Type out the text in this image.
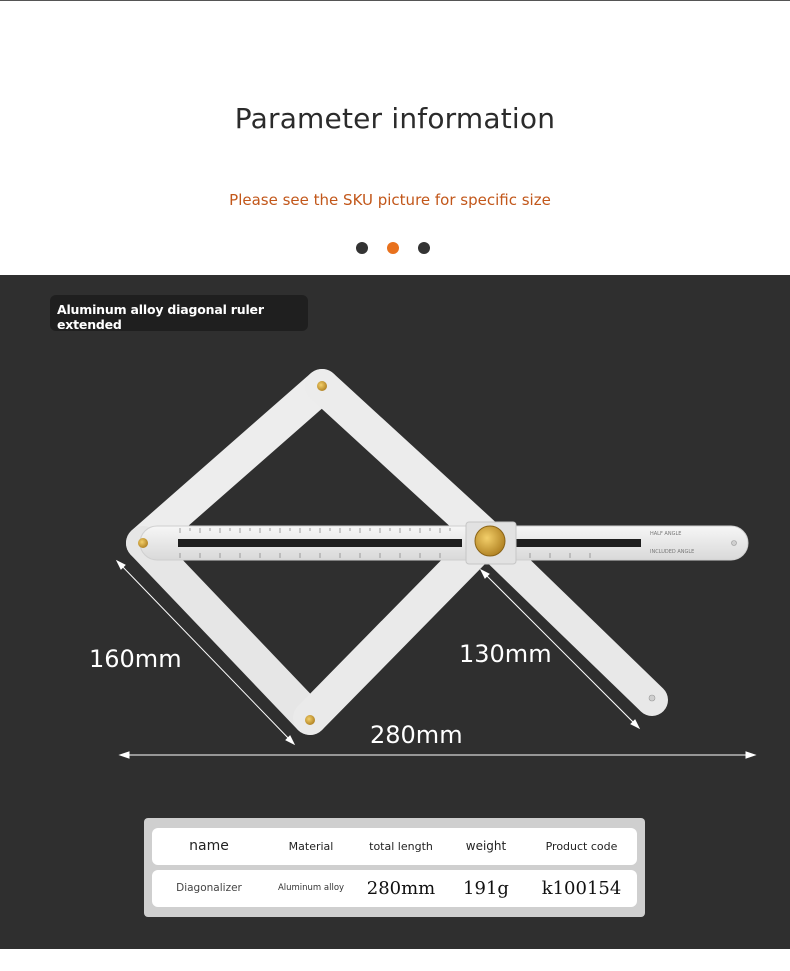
Parameter information
Please see the SKU picture for specific size
HALF ANGLE
INCLUDED ANGLE
Aluminum alloy diagonal ruler extended
160mm	130mm
280mm
name	Material	total length	weight	Product code
Diagonalizer	Aluminum alloy	280mm	191g	k100154
